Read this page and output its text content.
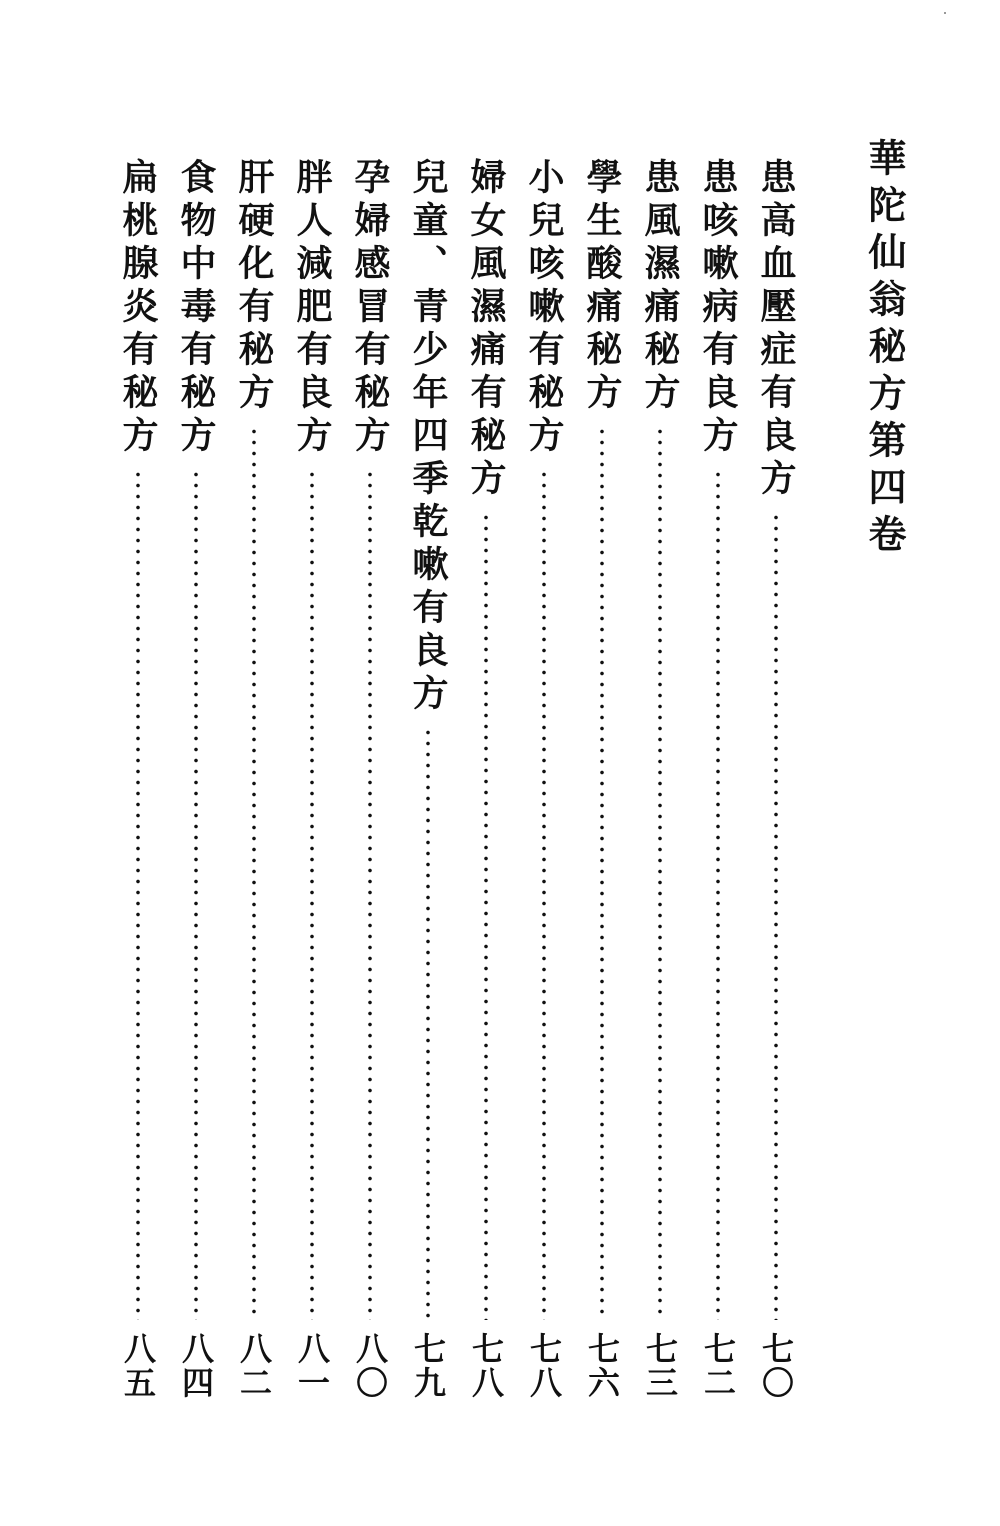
華陀仙翁秘方第四卷
患高血壓症有良方
七〇
患咳嗽病有良方
七二
患風濕痛秘方
七三
學生酸痛秘方
七六
小兒咳嗽有秘方
七八
婦女風濕痛有秘方
七八
兒童、青少年四季乾嗽有良方
七九
孕婦感冒有秘方
八〇
胖人減肥有良方
八一
肝硬化有秘方
八二
食物中毒有秘方
八四
扁桃腺炎有秘方
八五
